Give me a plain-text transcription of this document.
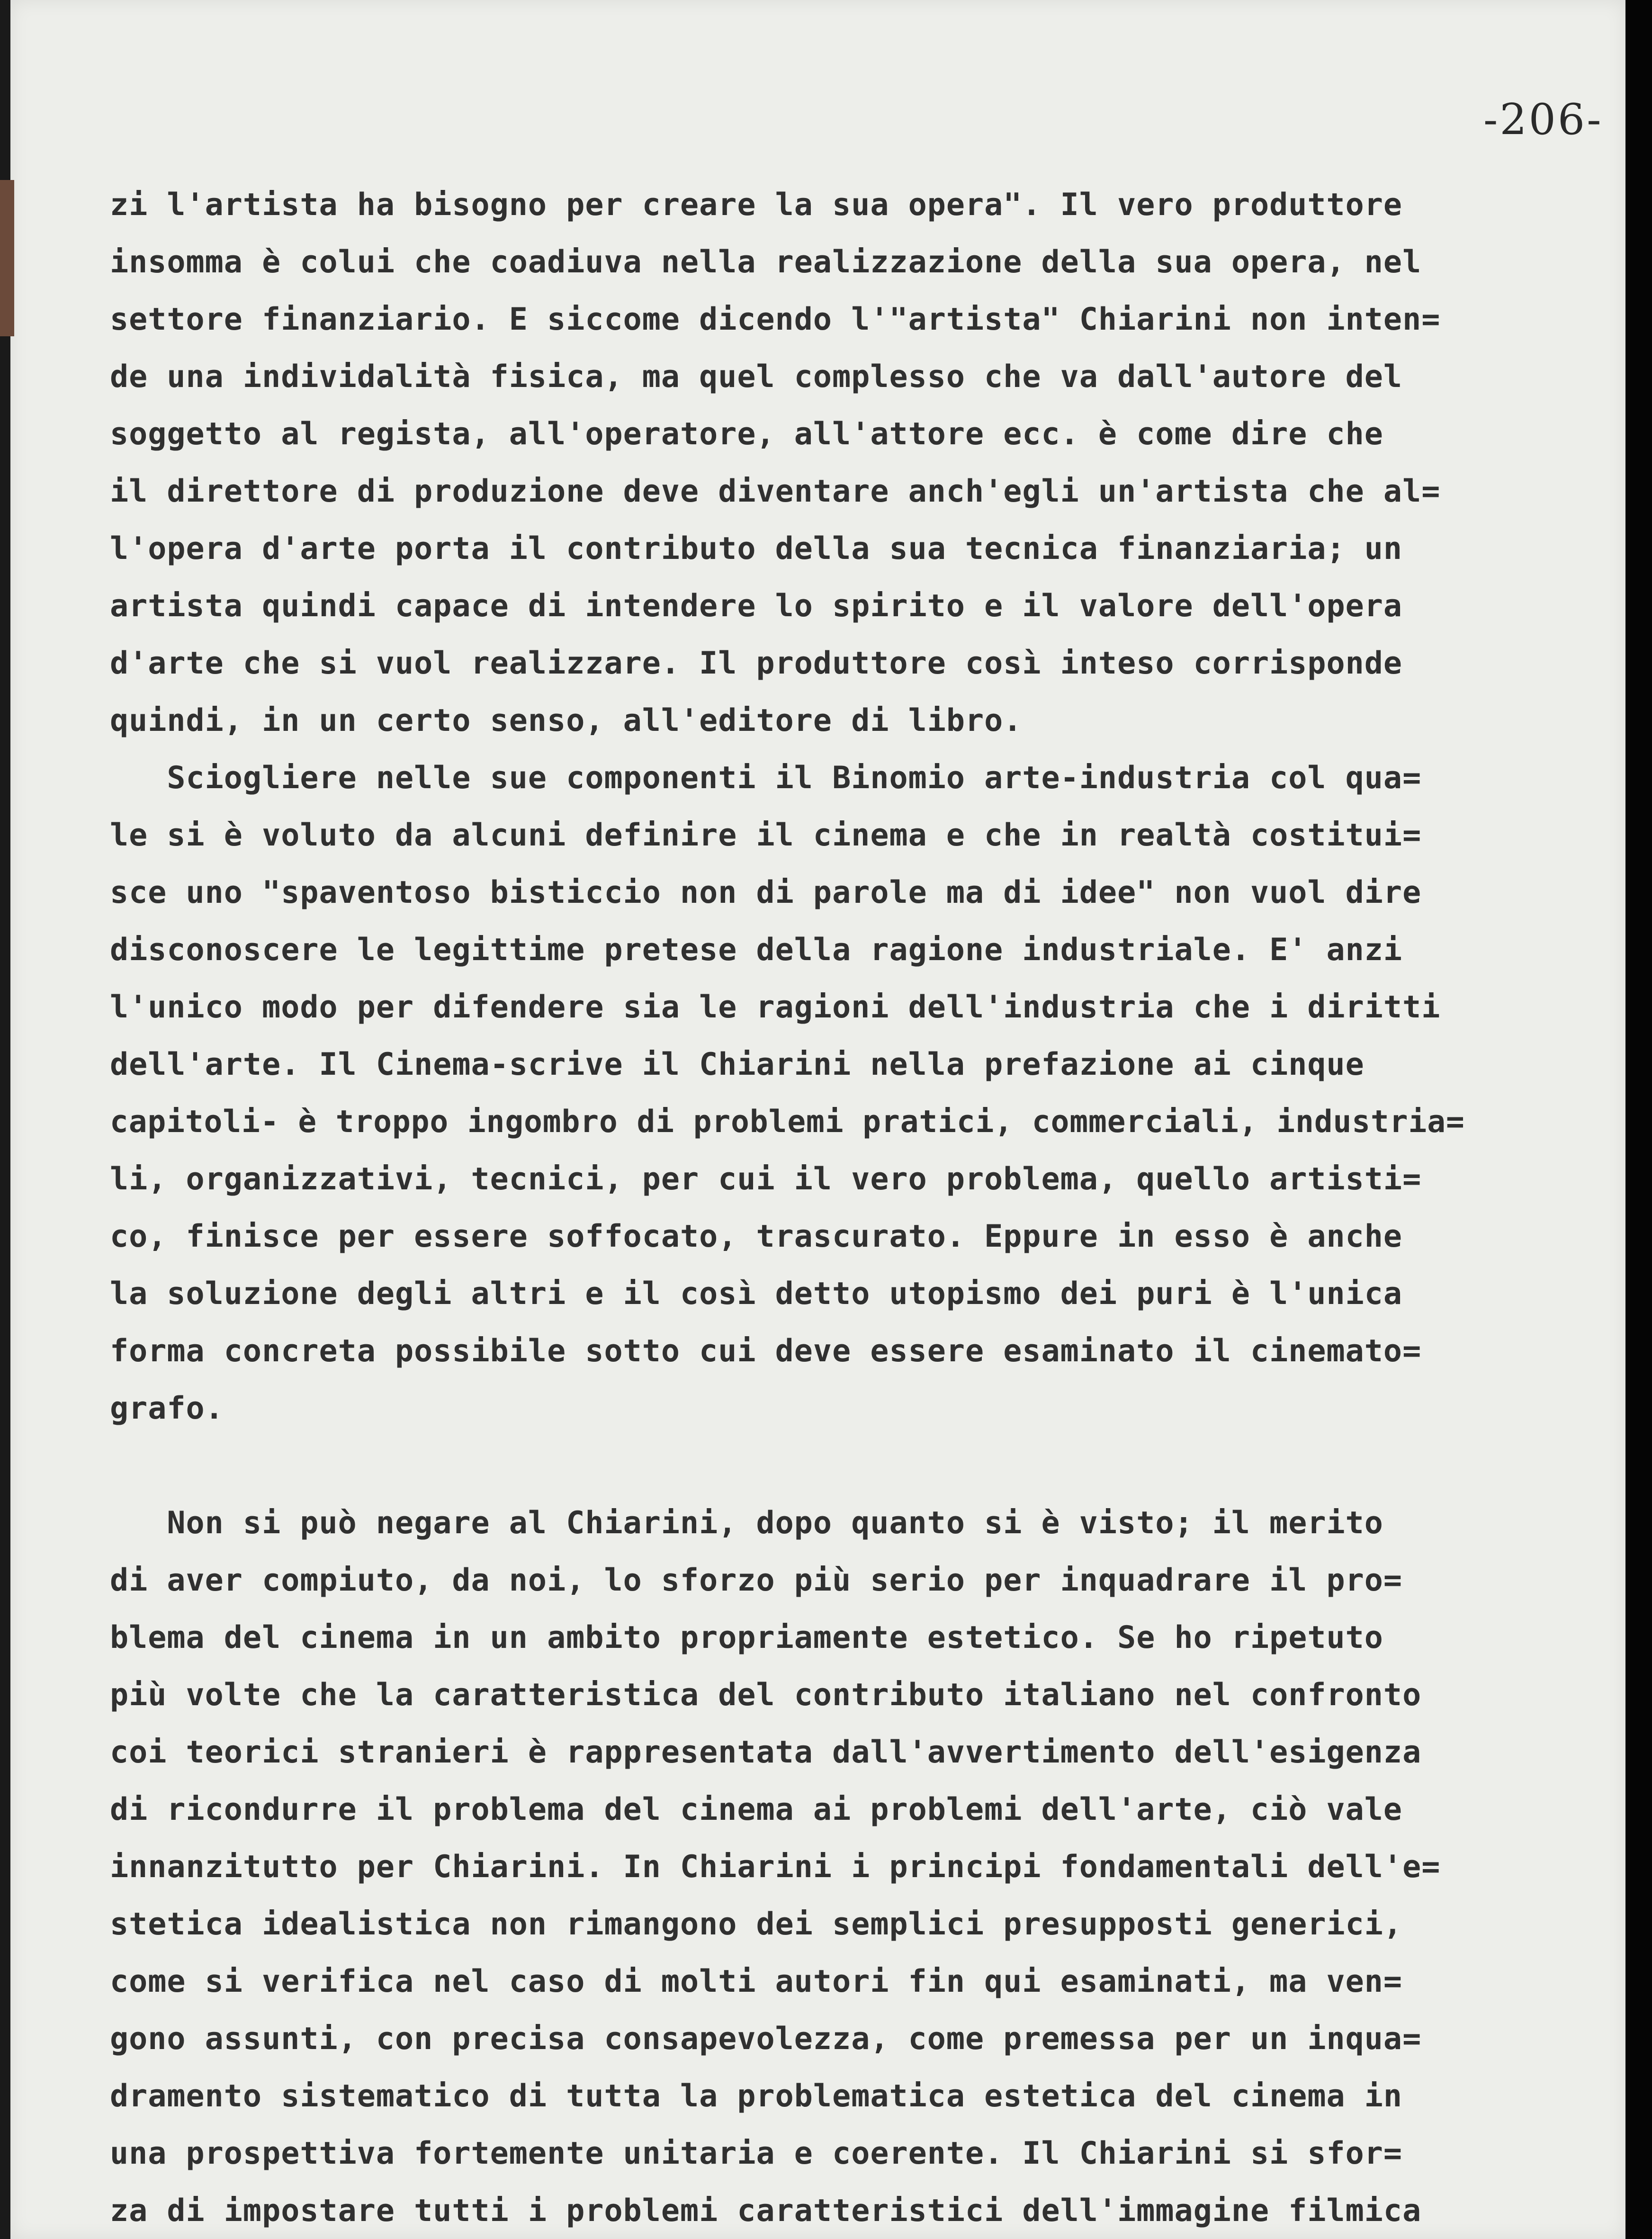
-206-
zi l'artista ha bisogno per creare la sua opera". Il vero produttore
insomma è colui che coadiuva nella realizzazione della sua opera, nel
settore finanziario. E siccome dicendo l'"artista" Chiarini non inten=
de una individalità fisica, ma quel complesso che va dall'autore del
soggetto al regista, all'operatore, all'attore ecc. è come dire che
il direttore di produzione deve diventare anch'egli un'artista che al=
l'opera d'arte porta il contributo della sua tecnica finanziaria; un
artista quindi capace di intendere lo spirito e il valore dell'opera
d'arte che si vuol realizzare. Il produttore così inteso corrisponde
quindi, in un certo senso, all'editore di libro.
Sciogliere nelle sue componenti il Binomio arte-industria col qua=
le si è voluto da alcuni definire il cinema e che in realtà costitui=
sce uno "spaventoso bisticcio non di parole ma di idee" non vuol dire
disconoscere le legittime pretese della ragione industriale. E' anzi
l'unico modo per difendere sia le ragioni dell'industria che i diritti
dell'arte. Il Cinema-scrive il Chiarini nella prefazione ai cinque
capitoli- è troppo ingombro di problemi pratici, commerciali, industria=
li, organizzativi, tecnici, per cui il vero problema, quello artisti=
co, finisce per essere soffocato, trascurato. Eppure in esso è anche
la soluzione degli altri e il così detto utopismo dei puri è l'unica
forma concreta possibile sotto cui deve essere esaminato il cinemato=
grafo.
Non si può negare al Chiarini, dopo quanto si è visto; il merito
di aver compiuto, da noi, lo sforzo più serio per inquadrare il pro=
blema del cinema in un ambito propriamente estetico. Se ho ripetuto
più volte che la caratteristica del contributo italiano nel confronto
coi teorici stranieri è rappresentata dall'avvertimento dell'esigenza
di ricondurre il problema del cinema ai problemi dell'arte, ciò vale
innanzitutto per Chiarini. In Chiarini i principi fondamentali dell'e=
stetica idealistica non rimangono dei semplici presupposti generici,
come si verifica nel caso di molti autori fin qui esaminati, ma ven=
gono assunti, con precisa consapevolezza, come premessa per un inqua=
dramento sistematico di tutta la problematica estetica del cinema in
una prospettiva fortemente unitaria e coerente. Il Chiarini si sfor=
za di impostare tutti i problemi caratteristici dell'immagine filmica
